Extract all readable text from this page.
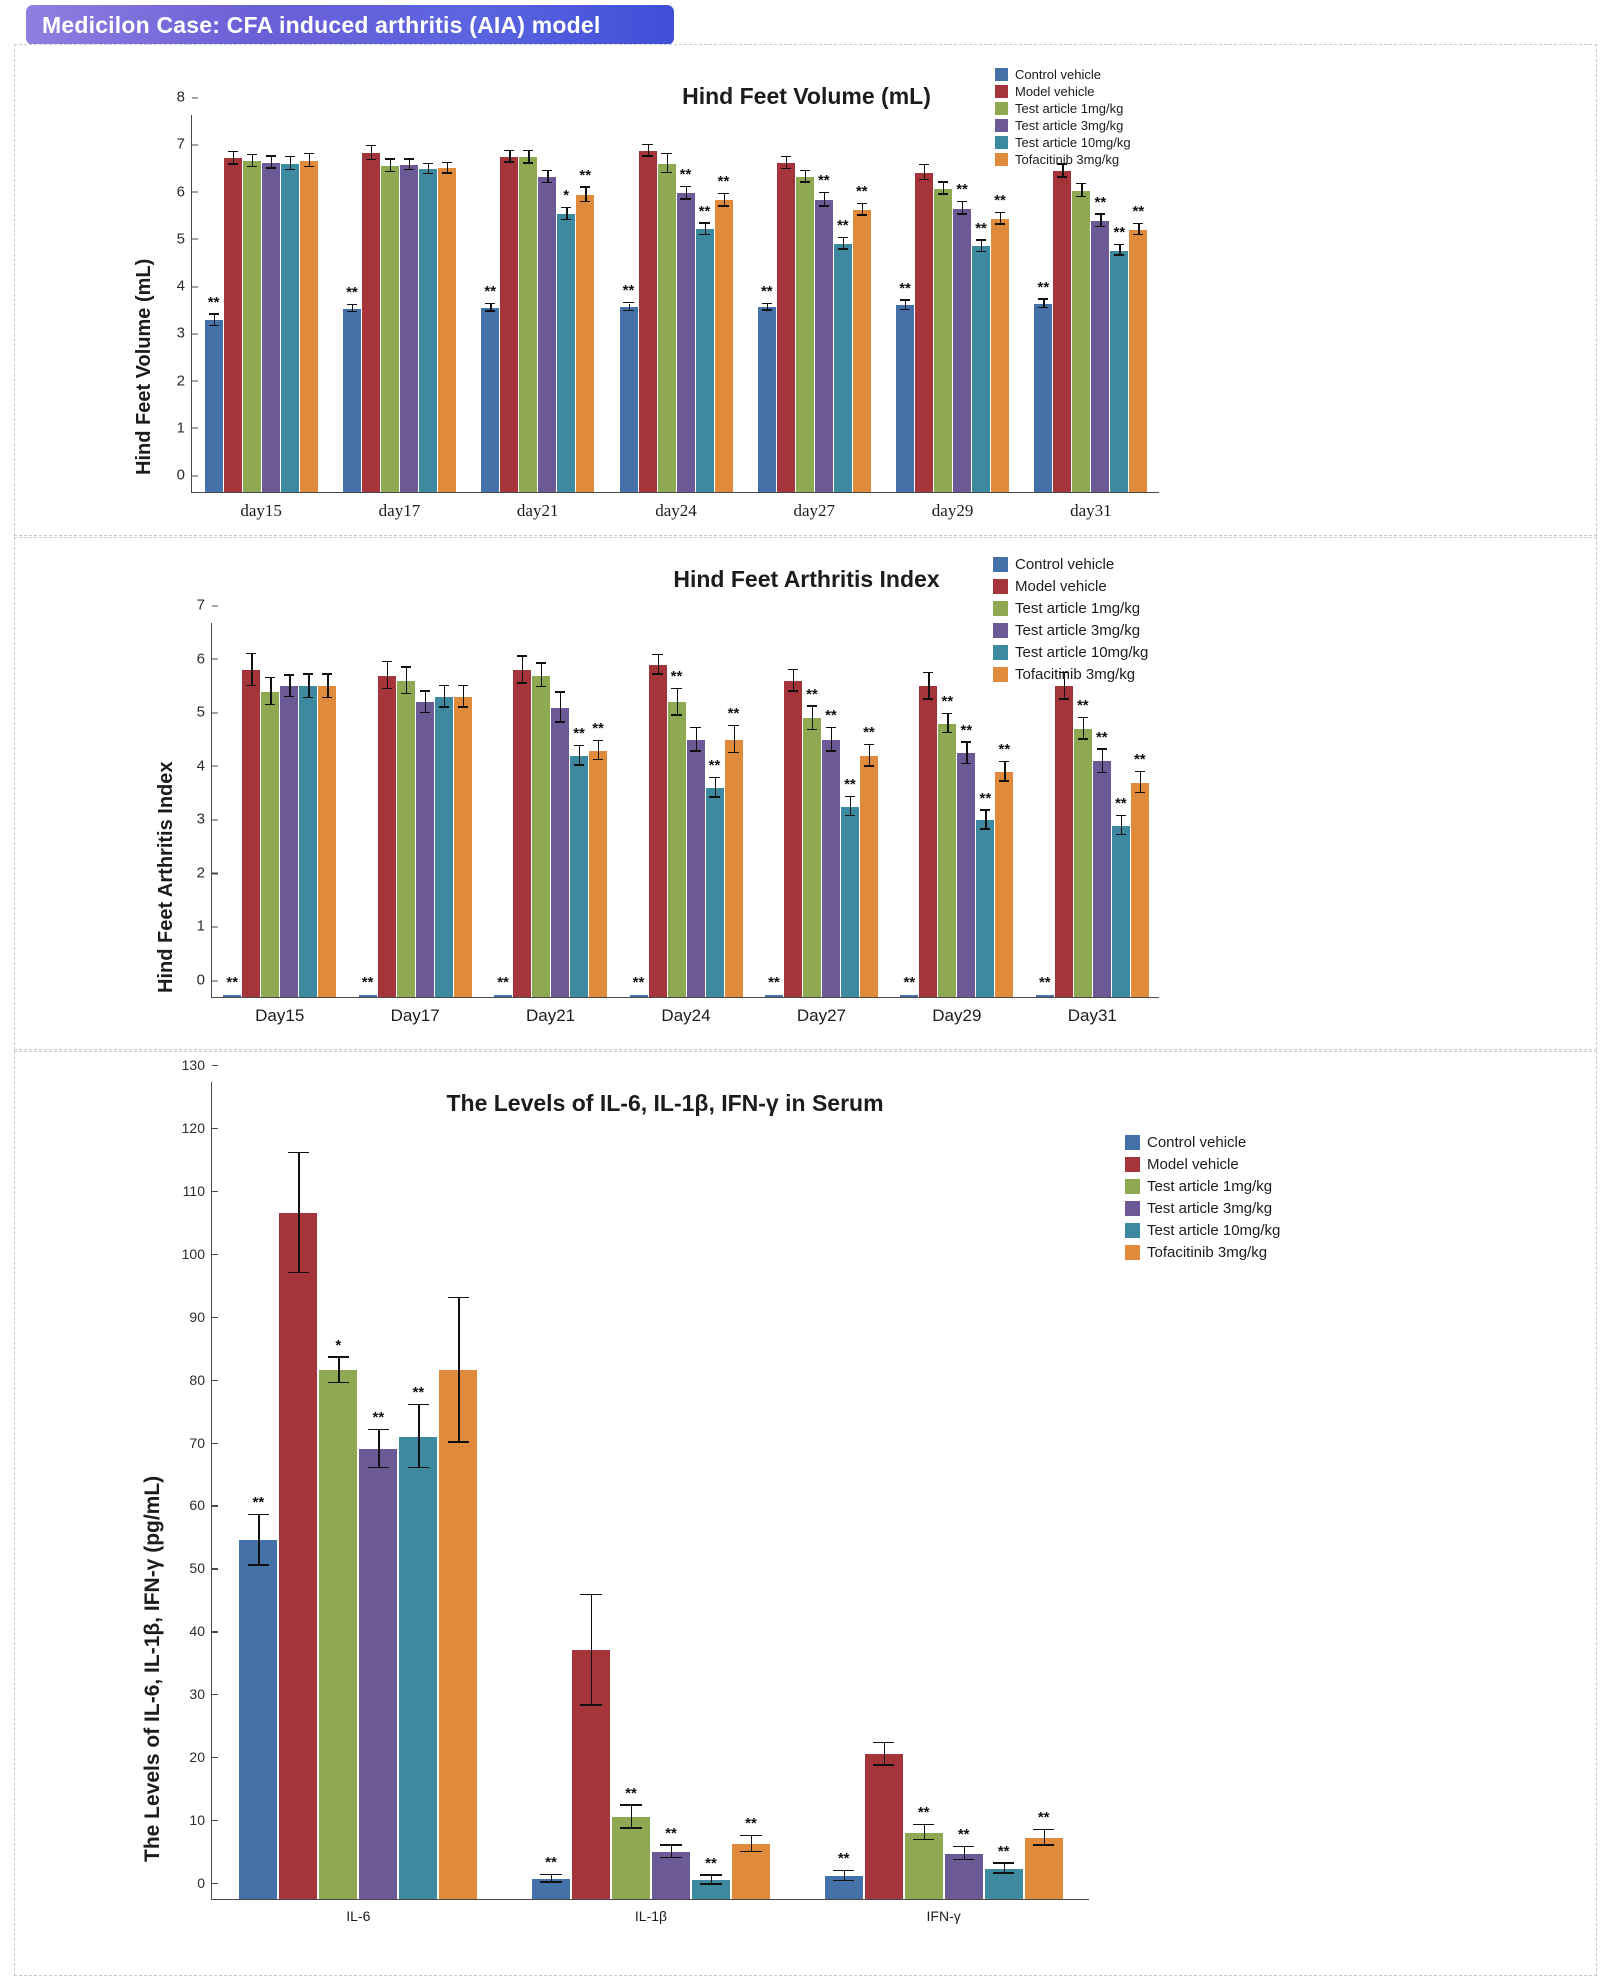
Medicilon Case: CFA induced arthritis (AIA) model
Hind Feet Volume (mL)
Hind Feet Volume (mL) 0
1
2
3
4
5
6
7
8
day15
**
day17
**
day21
**
*
**
day24
**
**
**
**
day27
**
**
**
**
day29
**
**
**
**
day31
**
**
**
**
Control vehicle
Model vehicle
Test article 1mg/kg
Test article 3mg/kg
Test article 10mg/kg
Tofacitinib 3mg/kg
Hind Feet Arthritis Index
Hind Feet Arthritis Index 0
1
2
3
4
5
6
7
Day15
**
Day17
**
Day21
**
** **
Day24
**
**
**
**
Day27
**
**
**
**
**
Day29
**
**
**
**
**
Day31
**
**
**
**
**
Control vehicle
Model vehicle
Test article 1mg/kg
Test article 3mg/kg
Test article 10mg/kg
Tofacitinib 3mg/kg
The Levels of IL-6, IL-1β, IFN-γ in Serum
The Levels of IL-6, IL-1β, IFN-γ (pg/mL)
0
10
20
30
40
50
60
70
80
90
100
110
120
130
IL-6
**
*
**
**
IL-1β
**
**
**
**
**
IFN-γ
**
**
**
**
**
Control vehicle
Model vehicle
Test article 1mg/kg
Test article 3mg/kg
Test article 10mg/kg
Tofacitinib 3mg/kg
